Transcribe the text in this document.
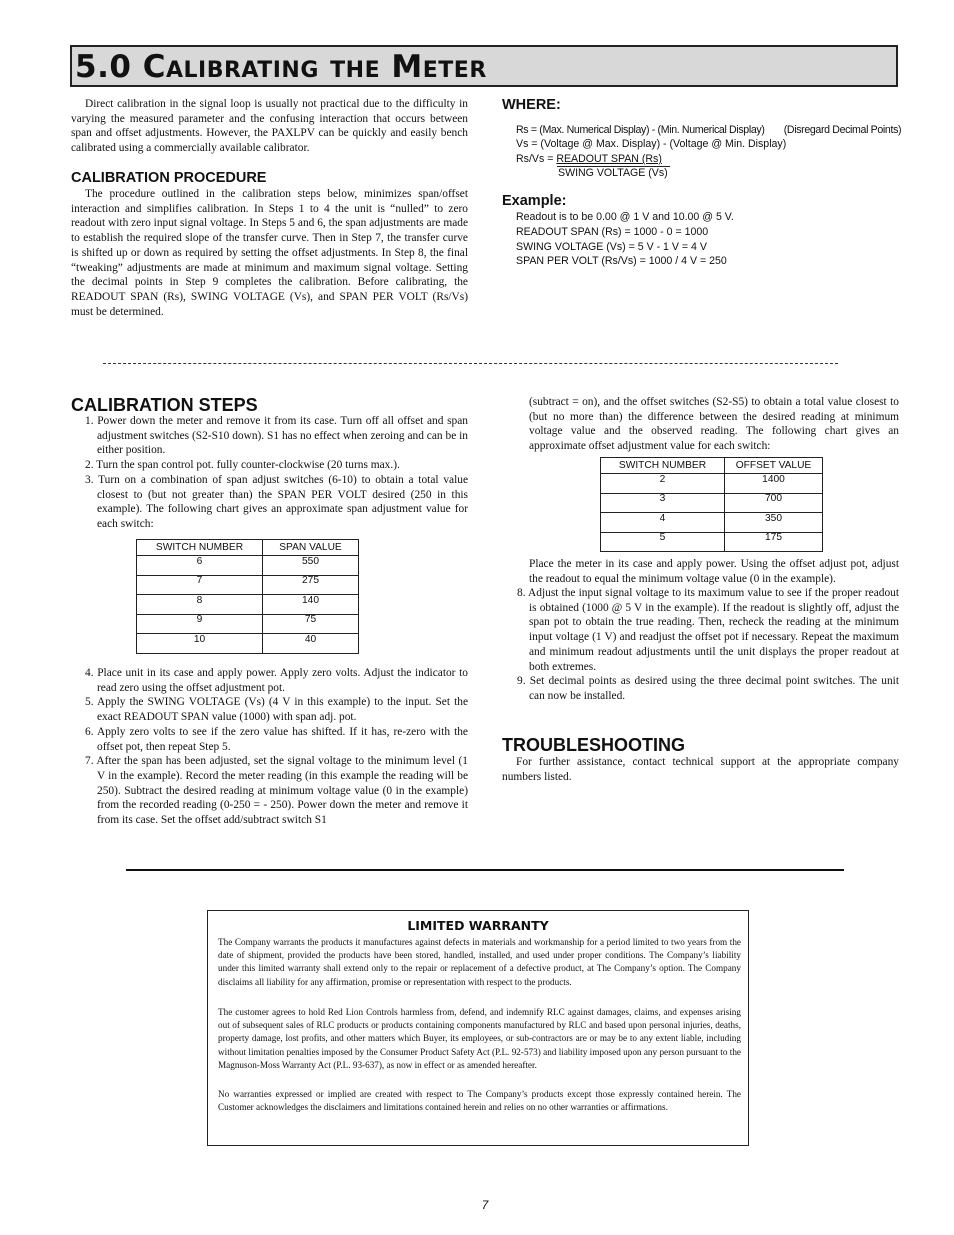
5.0 Calibrating the Meter

Direct calibration in the signal loop is usually not practical due to the difficulty in varying the measured parameter and the confusing interaction that occurs between span and offset adjustments. However, the PAXLPV can be quickly and easily bench calibrated using a commercially available calibrator.

CALIBRATION PROCEDURE

The procedure outlined in the calibration steps below, minimizes span/offset interaction and simplifies calibration. In Steps 1 to 4 the unit is “nulled” to zero readout with zero input signal voltage. In Steps 5 and 6, the span adjustments are made to establish the required slope of the transfer curve. Then in Step 7, the transfer curve is shifted up or down as required by setting the offset adjustments. In Step 8, the final “tweaking” adjustments are made at minimum and maximum signal voltage. Setting the decimal points in Step 9 completes the calibration. Before calibrating, the READOUT SPAN (Rs), SWING VOLTAGE (Vs), and SPAN PER VOLT (Rs/Vs) must be determined.

WHERE:
Rs = (Max. Numerical Display) - (Min. Numerical Display) (Disregard Decimal Points)
Vs = (Voltage @ Max. Display) - (Voltage @ Min. Display)
Rs/Vs = READOUT SPAN (Rs)
SWING VOLTAGE (Vs)
Example:
Readout is to be 0.00 @ 1 V and 10.00 @ 5 V.
READOUT SPAN (Rs) = 1000 - 0 = 1000
SWING VOLTAGE (Vs) = 5 V - 1 V = 4 V
SPAN PER VOLT (Rs/Vs) = 1000 / 4 V = 250
CALIBRATION STEPS
1. Power down the meter and remove it from its case. Turn off all offset and span adjustment switches (S2-S10 down). S1 has no effect when zeroing and can be in either position.
2. Turn the span control pot. fully counter-clockwise (20 turns max.).
3. Turn on a combination of span adjust switches (6-10) to obtain a total value closest to (but not greater than) the SPAN PER VOLT desired (250 in this example). The following chart gives an approximate span adjustment value for each switch:
SWITCH NUMBER	SPAN VALUE
6	550
7	275
8	140
9	75
10	40
4. Place unit in its case and apply power. Apply zero volts. Adjust the indicator to read zero using the offset adjustment pot.
5. Apply the SWING VOLTAGE (Vs) (4 V in this example) to the input. Set the exact READOUT SPAN value (1000) with span adj. pot.
6. Apply zero volts to see if the zero value has shifted. If it has, re-zero with the offset pot, then repeat Step 5.
7. After the span has been adjusted, set the signal voltage to the minimum level (1 V in the example). Record the meter reading (in this example the reading will be 250). Subtract the desired reading at minimum voltage value (0 in the example) from the recorded reading (0-250 = - 250). Power down the meter and remove it from its case. Set the offset add/subtract switch S1

(subtract = on), and the offset switches (S2-S5) to obtain a total value closest to (but no more than) the difference between the desired reading at minimum voltage value and the observed reading. The following chart gives an approximate offset adjustment value for each switch:

SWITCH NUMBER	OFFSET VALUE
2	1400
3	700
4	350
5	175

Place the meter in its case and apply power. Using the offset adjust pot, adjust the readout to equal the minimum voltage value (0 in the example).

8. Adjust the input signal voltage to its maximum value to see if the proper readout is obtained (1000 @ 5 V in the example). If the readout is slightly off, adjust the span pot to obtain the true reading. Then, recheck the reading at the minimum input voltage (1 V) and readjust the offset pot if necessary. Repeat the maximum and minimum readout adjustments until the unit displays the proper readout at both extremes.
9. Set decimal points as desired using the three decimal point switches. The unit can now be installed.
TROUBLESHOOTING

For further assistance, contact technical support at the appropriate company numbers listed.

LIMITED WARRANTY

The Company warrants the products it manufactures against defects in materials and workmanship for a period limited to two years from the date of shipment, provided the products have been stored, handled, installed, and used under proper conditions. The Company’s liability under this limited warranty shall extend only to the repair or replacement of a defective product, at The Company’s option. The Company disclaims all liability for any affirmation, promise or representation with respect to the products.

The customer agrees to hold Red Lion Controls harmless from, defend, and indemnify RLC against damages, claims, and expenses arising out of subsequent sales of RLC products or products containing components manufactured by RLC and based upon personal injuries, deaths, property damage, lost profits, and other matters which Buyer, its employees, or sub-contractors are or may be to any extent liable, including without limitation penalties imposed by the Consumer Product Safety Act (P.L. 92-573) and liability imposed upon any person pursuant to the Magnuson-Moss Warranty Act (P.L. 93-637), as now in effect or as amended hereafter.

No warranties expressed or implied are created with respect to The Company’s products except those expressly contained herein. The Customer acknowledges the disclaimers and limitations contained herein and relies on no other warranties or affirmations.

7
